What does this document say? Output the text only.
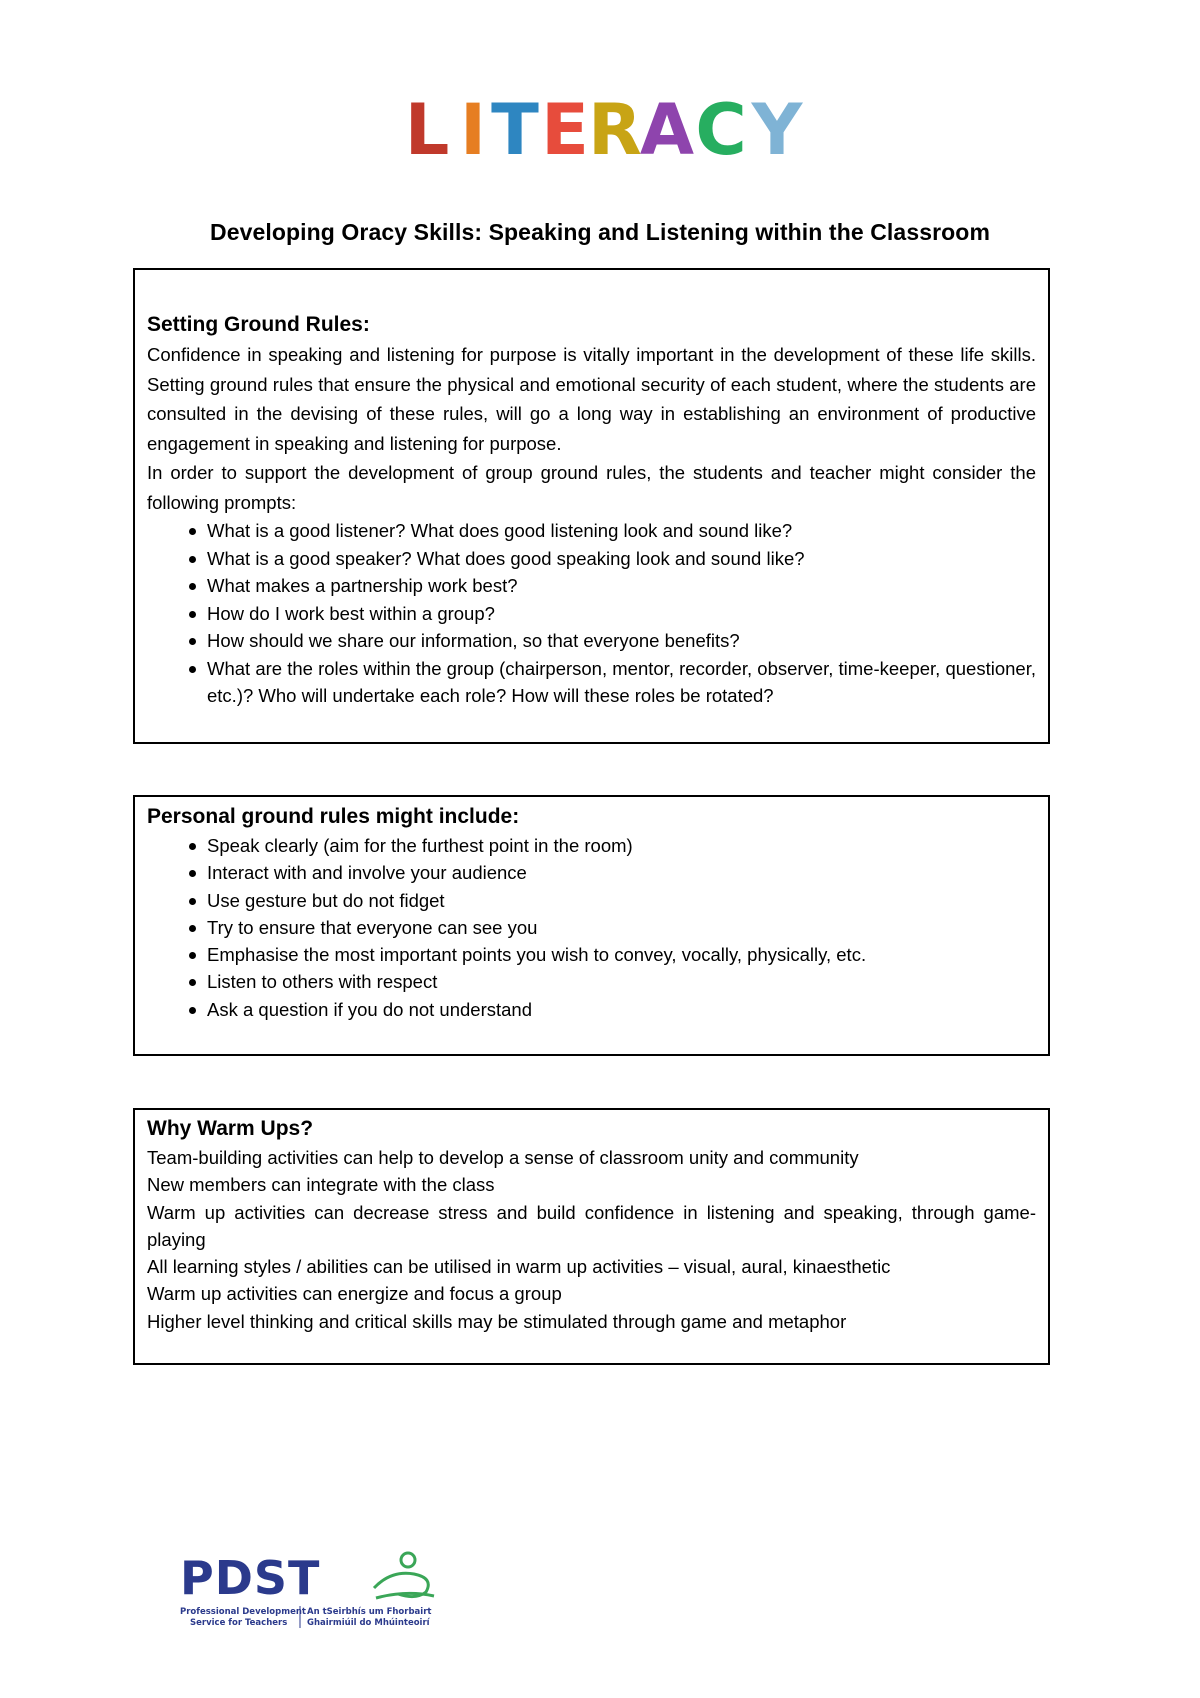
L I T E R
A C Y
Developing Oracy Skills: Speaking and Listening within the Classroom
Setting Ground Rules:

Confidence in speaking and listening for purpose is vitally important in the development of these life skills. Setting ground rules that ensure the physical and emotional security of each student, where the students are consulted in the devising of these rules, will go a long way in establishing an environment of productive engagement in speaking and listening for purpose.

In order to support the development of group ground rules, the students and teacher might consider the following prompts:

What is a good listener? What does good listening look and sound like?
What is a good speaker? What does good speaking look and sound like?
What makes a partnership work best?
How do I work best within a group?
How should we share our information, so that everyone benefits?
What are the roles within the group (chairperson, mentor, recorder, observer, time-keeper, questioner, etc.)? Who will undertake each role? How will these roles be rotated?
Personal ground rules might include:
Speak clearly (aim for the furthest point in the room)
Interact with and involve your audience
Use gesture but do not fidget
Try to ensure that everyone can see you
Emphasise the most important points you wish to convey, vocally, physically, etc.
Listen to others with respect
Ask a question if you do not understand
Why Warm Ups?
Team-building activities can help to develop a sense of classroom unity and community
New members can integrate with the class
Warm up activities can decrease stress and build confidence in listening and speaking, through game-playing
All learning styles / abilities can be utilised in warm up activities – visual, aural, kinaesthetic
Warm up activities can energize and focus a group
Higher level thinking and critical skills may be stimulated through game and metaphor
PDST
Professional Development
Service for Teachers
An tSeirbhís um Fhorbairt
Ghairmiúil do Mhúinteoirí
